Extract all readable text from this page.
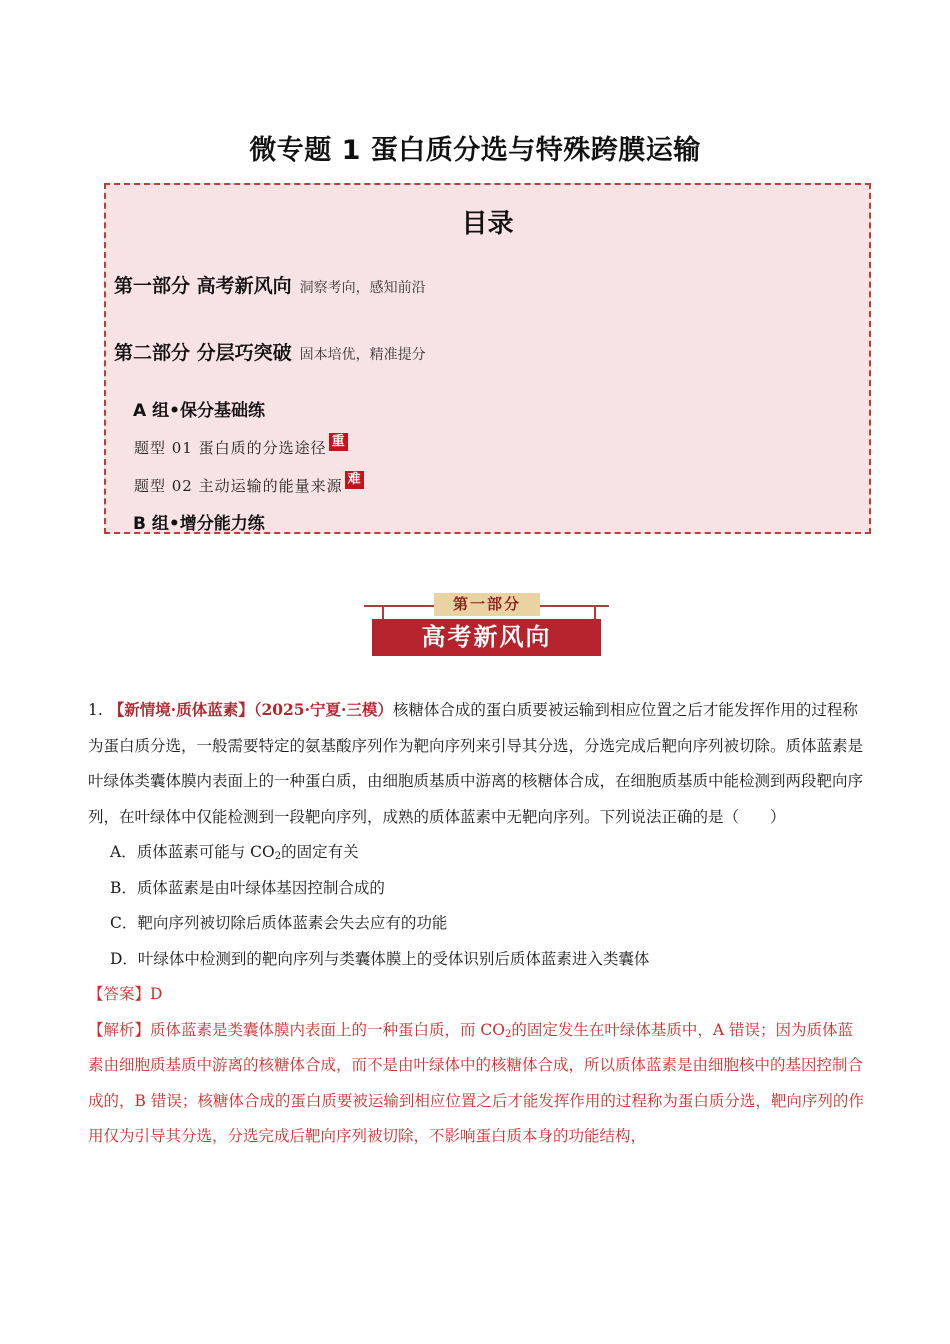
微专题 1 蛋白质分选与特殊跨膜运输
目录
第一部分 高考新风向 洞察考向，感知前沿
第二部分 分层巧突破 固本培优，精准提分
A 组•保分基础练
题型 01 蛋白质的分选途径 重
题型 02 主动运输的能量来源 难
B 组•增分能力练
第一部分
高考新风向
1. 【新情境·质体蓝素】（2025·宁夏·三模）核糖体合成的蛋白质要被运输到相应位置之后才能发挥作用的过程称为蛋白质分选，一般需要特定的氨基酸序列作为靶向序列来引导其分选，分选完成后靶向序列被切除。质体蓝素是叶绿体类囊体膜内表面上的一种蛋白质，由细胞质基质中游离的核糖体合成，在细胞质基质中能检测到两段靶向序列，在叶绿体中仅能检测到一段靶向序列，成熟的质体蓝素中无靶向序列。下列说法正确的是（　　）
A．质体蓝素可能与 $CO_2$的固定有关
B．质体蓝素是由叶绿体基因控制合成的
C．靶向序列被切除后质体蓝素会失去应有的功能
D．叶绿体中检测到的靶向序列与类囊体膜上的受体识别后质体蓝素进入类囊体
【答案】D
【解析】质体蓝素是类囊体膜内表面上的一种蛋白质，而 $CO_2$的固定发生在叶绿体基质中，A 错误；因为质体蓝素由细胞质基质中游离的核糖体合成，而不是由叶绿体中的核糖体合成，所以质体蓝素是由细胞核中的基因控制合成的，B 错误；核糖体合成的蛋白质要被运输到相应位置之后才能发挥作用的过程称为蛋白质分选，靶向序列的作用仅为引导其分选，分选完成后靶向序列被切除，不影响蛋白质本身的功能结构，
